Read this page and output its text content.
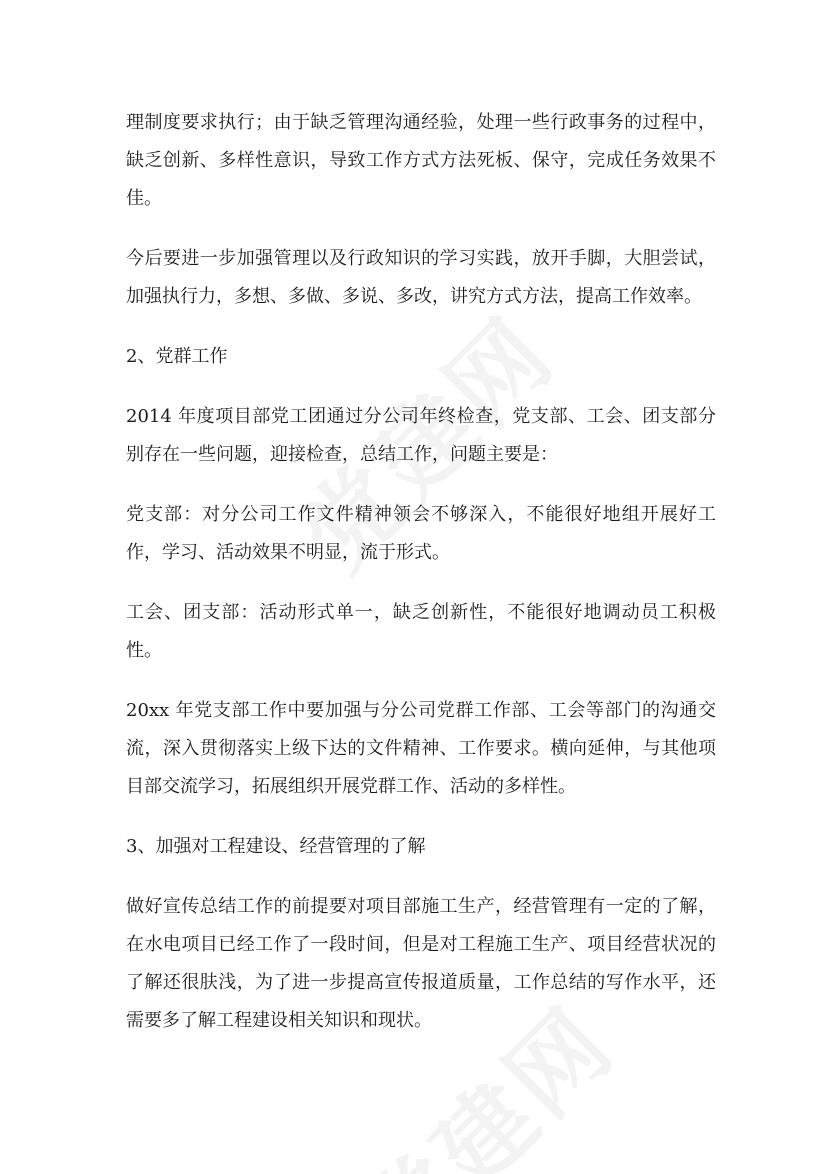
理制度要求执行；由于缺乏管理沟通经验，处理一些行政事务的过程中，缺乏创新、多样性意识，导致工作方式方法死板、保守，完成任务效果不佳。

今后要进一步加强管理以及行政知识的学习实践，放开手脚，大胆尝试，加强执行力，多想、多做、多说、多改，讲究方式方法，提高工作效率。

2、党群工作

2014 年度项目部党工团通过分公司年终检查，党支部、工会、团支部分别存在一些问题，迎接检查，总结工作，问题主要是：

党支部：对分公司工作文件精神领会不够深入，不能很好地组开展好工作，学习、活动效果不明显，流于形式。

工会、团支部：活动形式单一，缺乏创新性，不能很好地调动员工积极性。

20xx 年党支部工作中要加强与分公司党群工作部、工会等部门的沟通交流，深入贯彻落实上级下达的文件精神、工作要求。横向延伸，与其他项目部交流学习，拓展组织开展党群工作、活动的多样性。

3、加强对工程建设、经营管理的了解

做好宣传总结工作的前提要对项目部施工生产，经营管理有一定的了解，在水电项目已经工作了一段时间，但是对工程施工生产、项目经营状况的了解还很肤浅，为了进一步提高宣传报道质量，工作总结的写作水平，还需要多了解工程建设相关知识和现状。
